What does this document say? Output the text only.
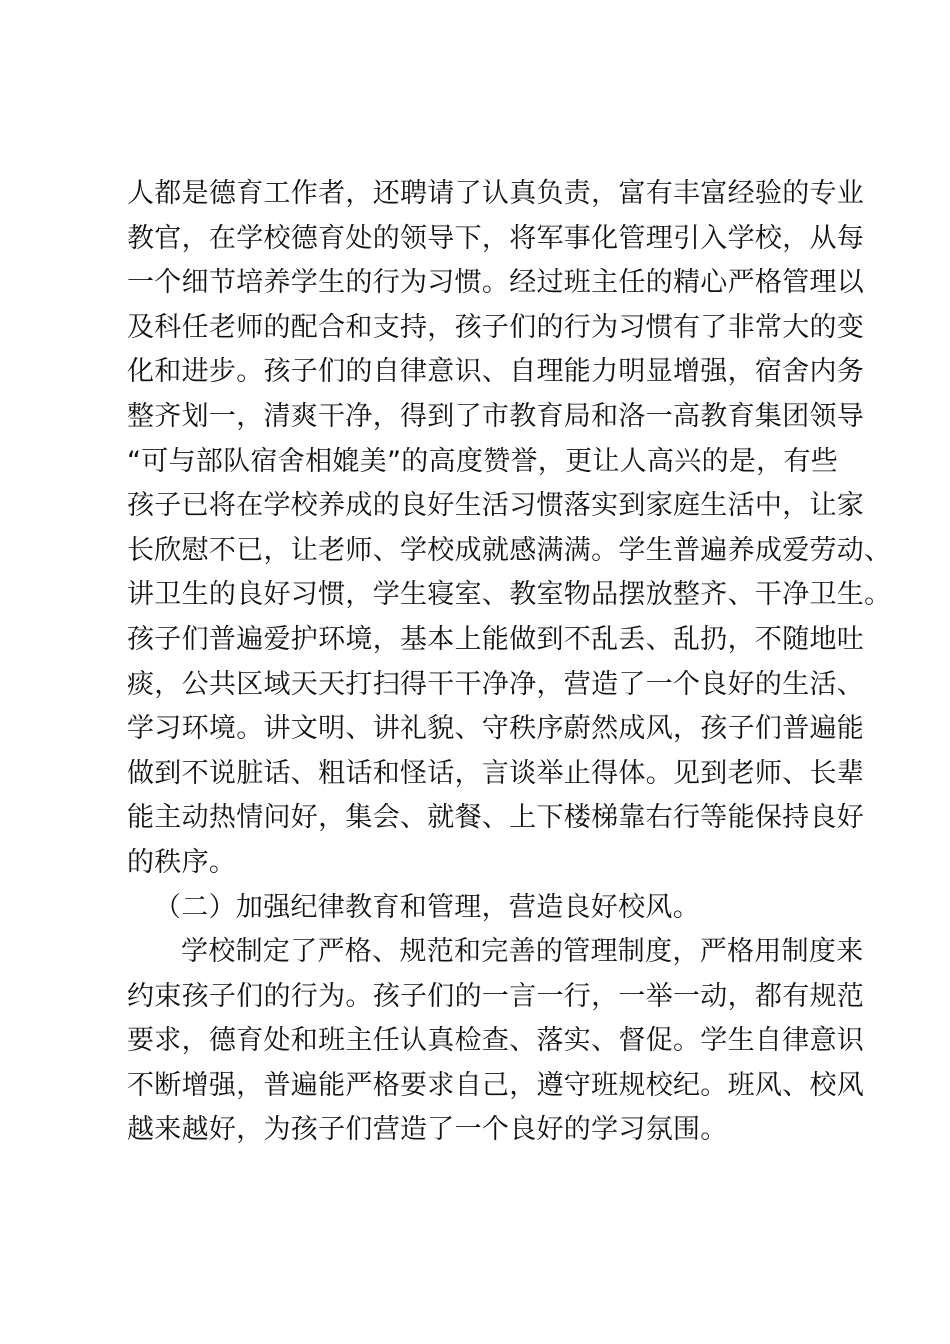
人都是德育工作者，还聘请了认真负责，富有丰富经验的专业
教官，在学校德育处的领导下，将军事化管理引入学校，从每
一个细节培养学生的行为习惯。经过班主任的精心严格管理以
及科任老师的配合和支持，孩子们的行为习惯有了非常大的变
化和进步。孩子们的自律意识、自理能力明显增强，宿舍内务
整齐划一，清爽干净，得到了市教育局和洛一高教育集团领导
“可与部队宿舍相媲美”的高度赞誉，更让人高兴的是，有些
孩子已将在学校养成的良好生活习惯落实到家庭生活中，让家
长欣慰不已，让老师、学校成就感满满。学生普遍养成爱劳动、
讲卫生的良好习惯，学生寝室、教室物品摆放整齐、干净卫生。
孩子们普遍爱护环境，基本上能做到不乱丢、乱扔，不随地吐
痰，公共区域天天打扫得干干净净，营造了一个良好的生活、
学习环境。讲文明、讲礼貌、守秩序蔚然成风，孩子们普遍能
做到不说脏话、粗话和怪话，言谈举止得体。见到老师、长辈
能主动热情问好，集会、就餐、上下楼梯靠右行等能保持良好
的秩序。
（二）加强纪律教育和管理，营造良好校风。
学校制定了严格、规范和完善的管理制度，严格用制度来
约束孩子们的行为。孩子们的一言一行，一举一动，都有规范
要求，德育处和班主任认真检查、落实、督促。学生自律意识
不断增强，普遍能严格要求自己，遵守班规校纪。班风、校风
越来越好，为孩子们营造了一个良好的学习氛围。
